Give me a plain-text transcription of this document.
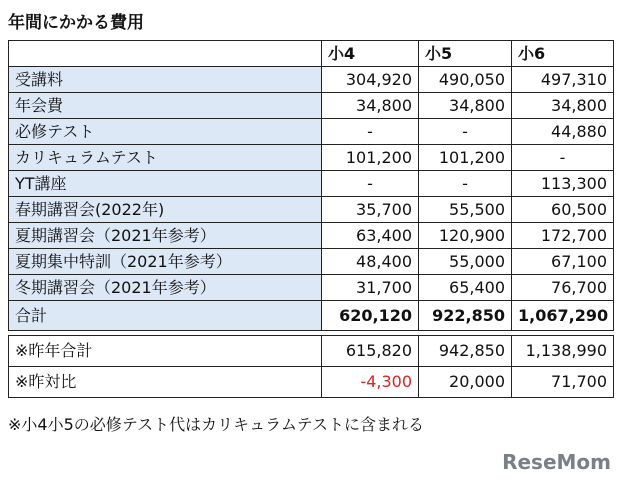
年間にかかる費用
	小4	小5	小6
受講料	304,920	490,050	497,310
年会費	34,800	34,800	34,800
必修テスト	-	-	44,880
カリキュラムテスト	101,200	101,200	-
YT講座	-	-	113,300
春期講習会(2022年)	35,700	55,500	60,500
夏期講習会（2021年参考）	63,400	120,900	172,700
夏期集中特訓（2021年参考）	48,400	55,000	67,100
冬期講習会（2021年参考）	31,700	65,400	76,700
合計	620,120	922,850	1,067,290

※昨年合計	615,820	942,850	1,138,990
※昨対比	-4,300	20,000	71,700
※小4小5の必修テスト代はカリキュラムテストに含まれる
ReseMom
